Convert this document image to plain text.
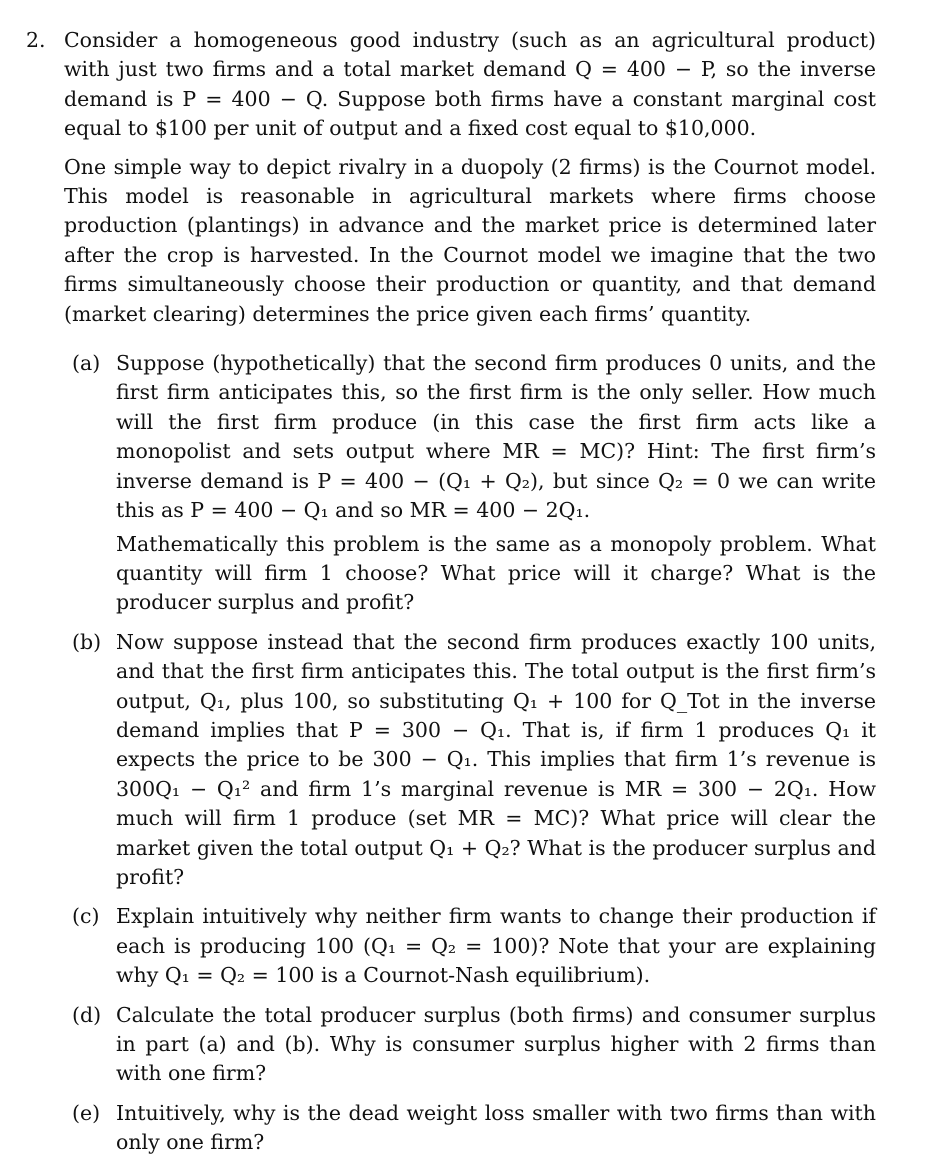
2. Consider a homogeneous good industry (such as an agricultural product) with just two firms and a total market demand Q = 400 − P, so the inverse demand is P = 400 − Q. Suppose both firms have a constant marginal cost equal to $100 per unit of output and a fixed cost equal to $10,000.

One simple way to depict rivalry in a duopoly (2 firms) is the Cournot model. This model is reasonable in agricultural markets where firms choose production (plantings) in advance and the market price is determined later after the crop is harvested. In the Cournot model we imagine that the two firms simultaneously choose their production or quantity, and that demand (market clearing) determines the price given each firms’ quantity.

(a) Suppose (hypothetically) that the second firm produces 0 units, and the first firm anticipates this, so the first firm is the only seller. How much will the first firm produce (in this case the first firm acts like a monopolist and sets output where MR = MC)? Hint: The first firm’s inverse demand is P = 400 − (Q₁ + Q₂), but since Q₂ = 0 we can write this as P = 400 − Q₁ and so MR = 400 − 2Q₁.

Mathematically this problem is the same as a monopoly problem. What quantity will firm 1 choose? What price will it charge? What is the producer surplus and profit?

(b) Now suppose instead that the second firm produces exactly 100 units, and that the first firm anticipates this. The total output is the first firm’s output, Q₁, plus 100, so substituting Q₁ + 100 for Q_Tot in the inverse demand implies that P = 300 − Q₁. That is, if firm 1 produces Q₁ it expects the price to be 300 − Q₁. This implies that firm 1’s revenue is 300Q₁ − Q₁² and firm 1’s marginal revenue is MR = 300 − 2Q₁. How much will firm 1 produce (set MR = MC)? What price will clear the market given the total output Q₁ + Q₂? What is the producer surplus and profit?

(c) Explain intuitively why neither firm wants to change their production if each is producing 100 (Q₁ = Q₂ = 100)? Note that your are explaining why Q₁ = Q₂ = 100 is a Cournot-Nash equilibrium).

(d) Calculate the total producer surplus (both firms) and consumer surplus in part (a) and (b). Why is consumer surplus higher with 2 firms than with one firm?

(e) Intuitively, why is the dead weight loss smaller with two firms than with only one firm?
